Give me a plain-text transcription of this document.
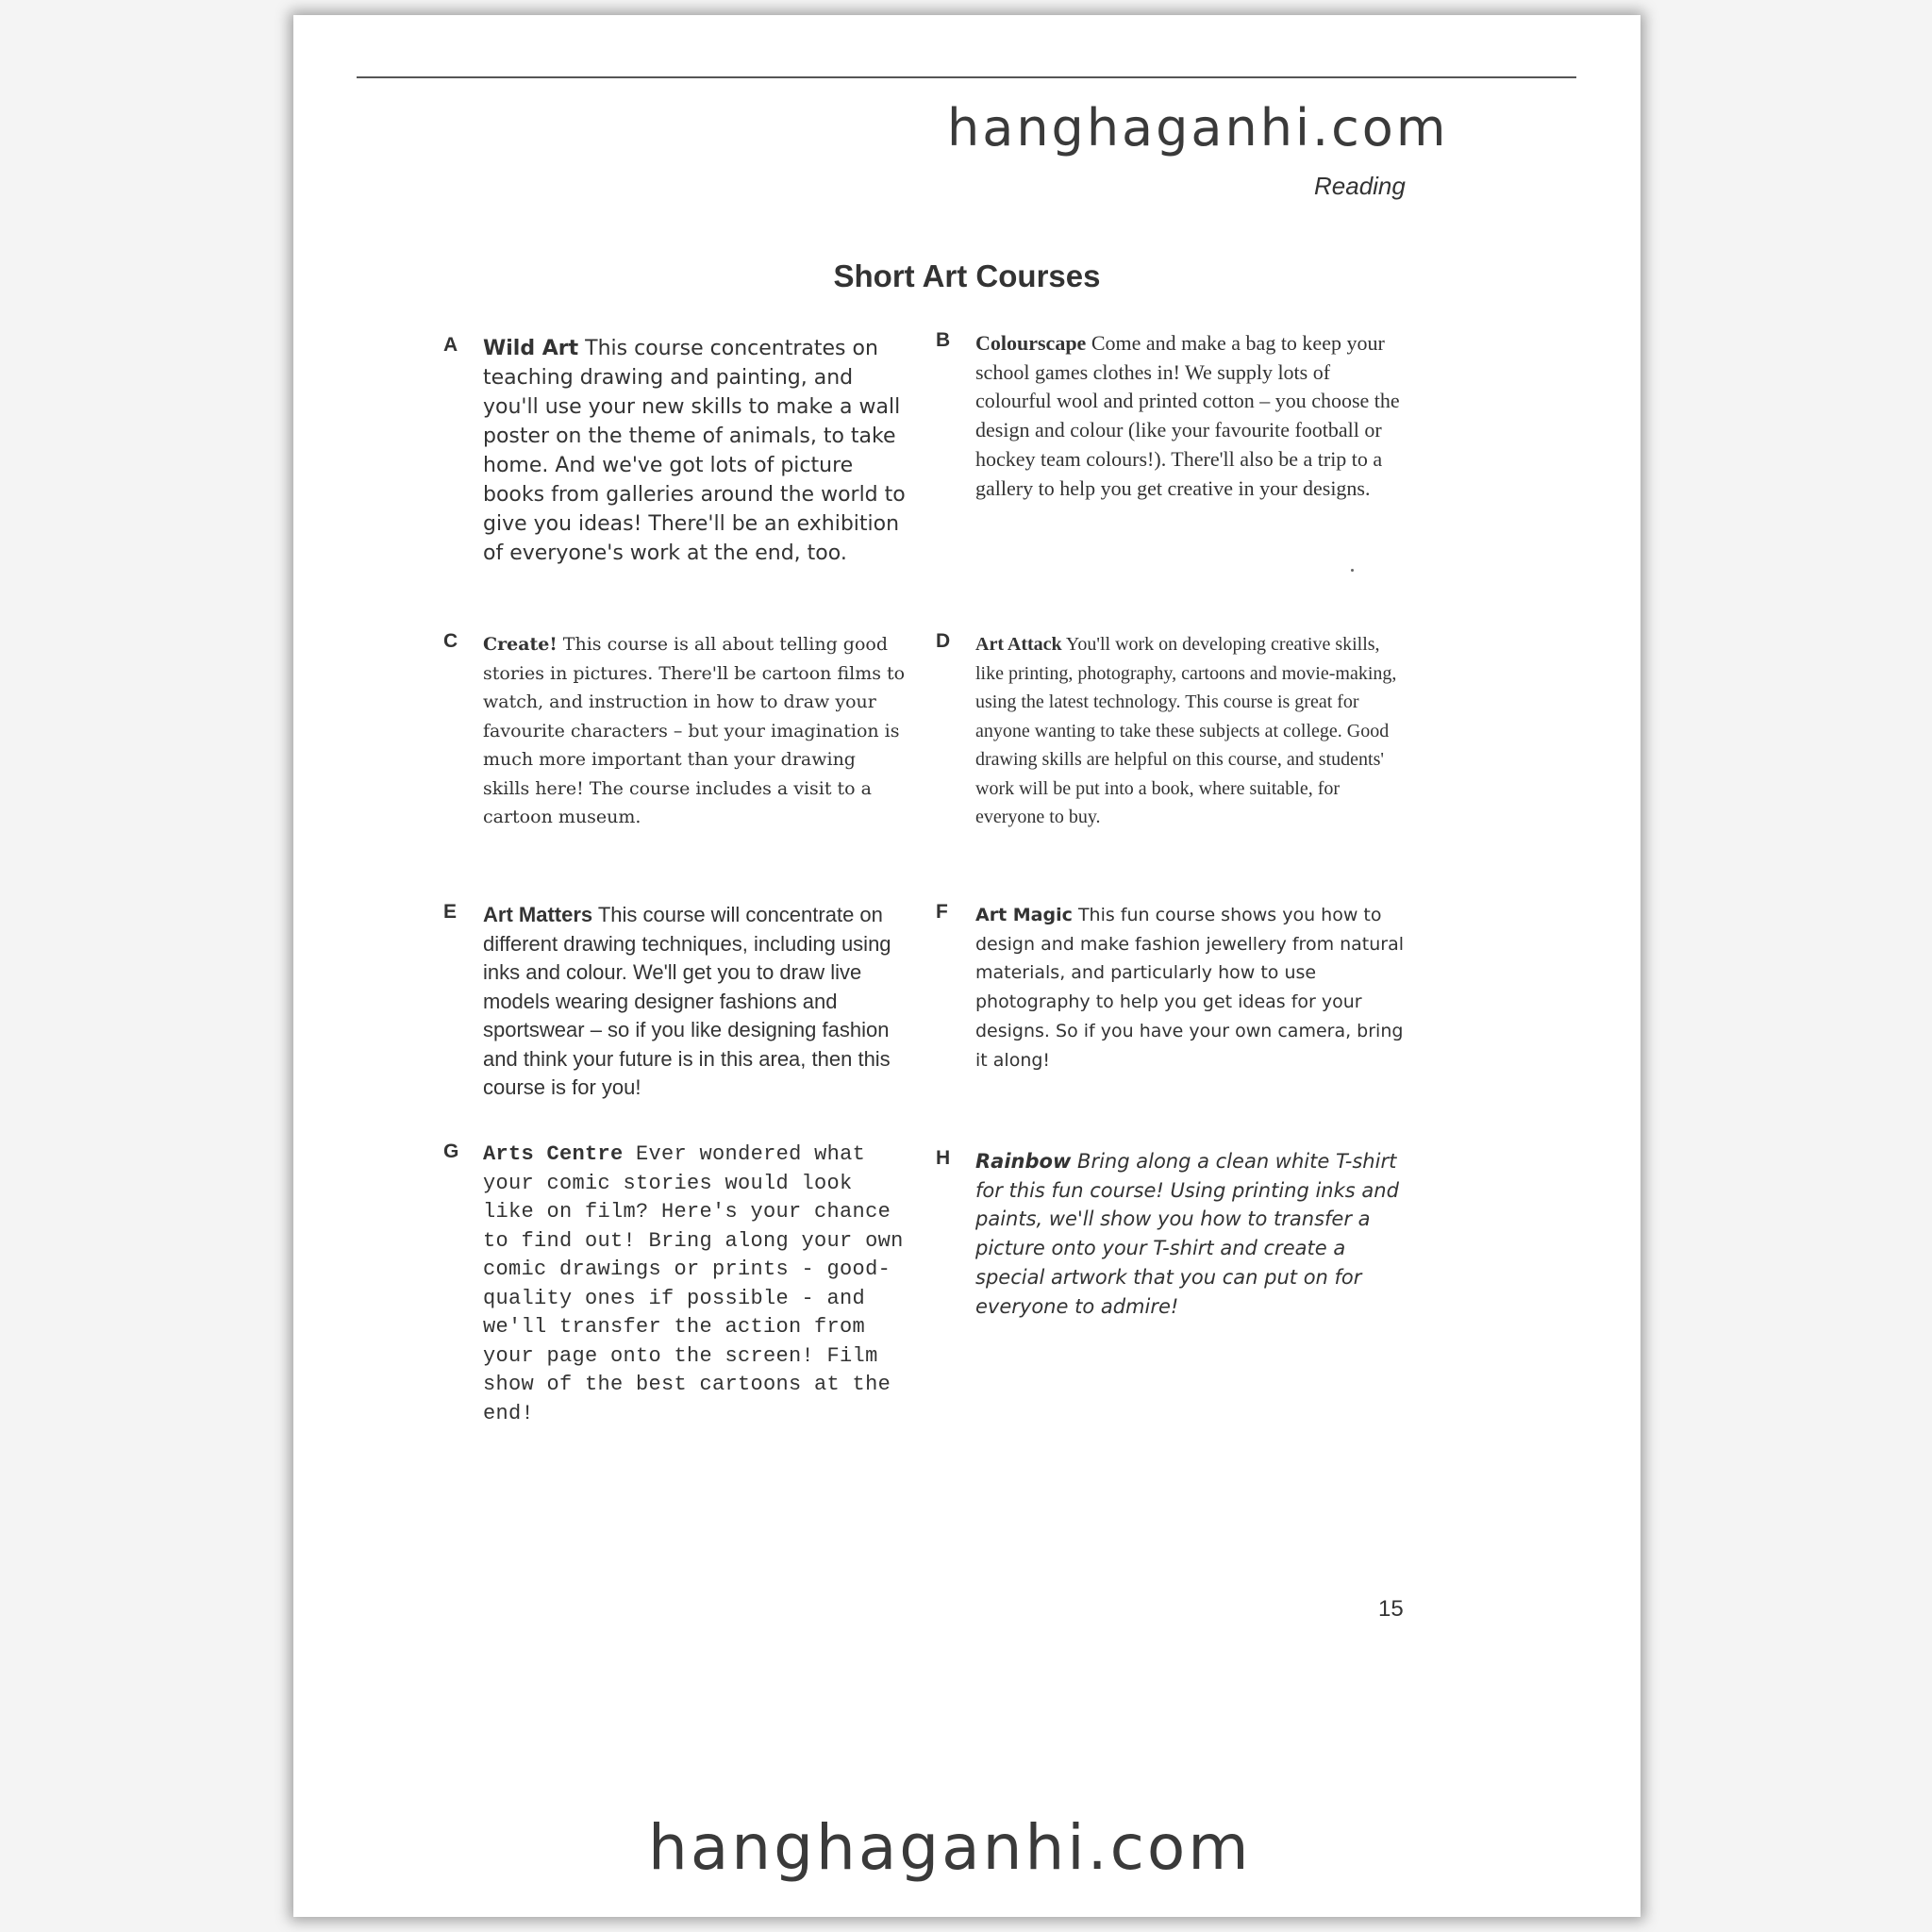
hanghaganhi.com
Reading
Short Art Courses
A Wild Art This course concentrates on teaching drawing and painting, and you'll use your new skills to make a wall poster on the theme of animals, to take home. And we've got lots of picture books from galleries around the world to give you ideas! There'll be an exhibition of everyone's work at the end, too.
B Colourscape Come and make a bag to keep your school games clothes in! We supply lots of colourful wool and printed cotton – you choose the design and colour (like your favourite football or hockey team colours!). There'll also be a trip to a gallery to help you get creative in your designs.
C Create! This course is all about telling good stories in pictures. There'll be cartoon films to watch, and instruction in how to draw your favourite characters – but your imagination is much more important than your drawing skills here! The course includes a visit to a cartoon museum.
D Art Attack You'll work on developing creative skills, like printing, photography, cartoons and movie-making, using the latest technology. This course is great for anyone wanting to take these subjects at college. Good drawing skills are helpful on this course, and students' work will be put into a book, where suitable, for everyone to buy.
E Art Matters This course will concentrate on different drawing techniques, including using inks and colour. We'll get you to draw live models wearing designer fashions and sportswear – so if you like designing fashion and think your future is in this area, then this course is for you!
F Art Magic This fun course shows you how to design and make fashion jewellery from natural materials, and particularly how to use photography to help you get ideas for your designs. So if you have your own camera, bring it along!
G Arts Centre Ever wondered what your comic stories would look like on film? Here's your chance to find out! Bring along your own comic drawings or prints - good-quality ones if possible - and we'll transfer the action from your page onto the screen! Film show of the best cartoons at the end!
H Rainbow Bring along a clean white T-shirt for this fun course! Using printing inks and paints, we'll show you how to transfer a picture onto your T-shirt and create a special artwork that you can put on for everyone to admire!
15
hanghaganhi.com
